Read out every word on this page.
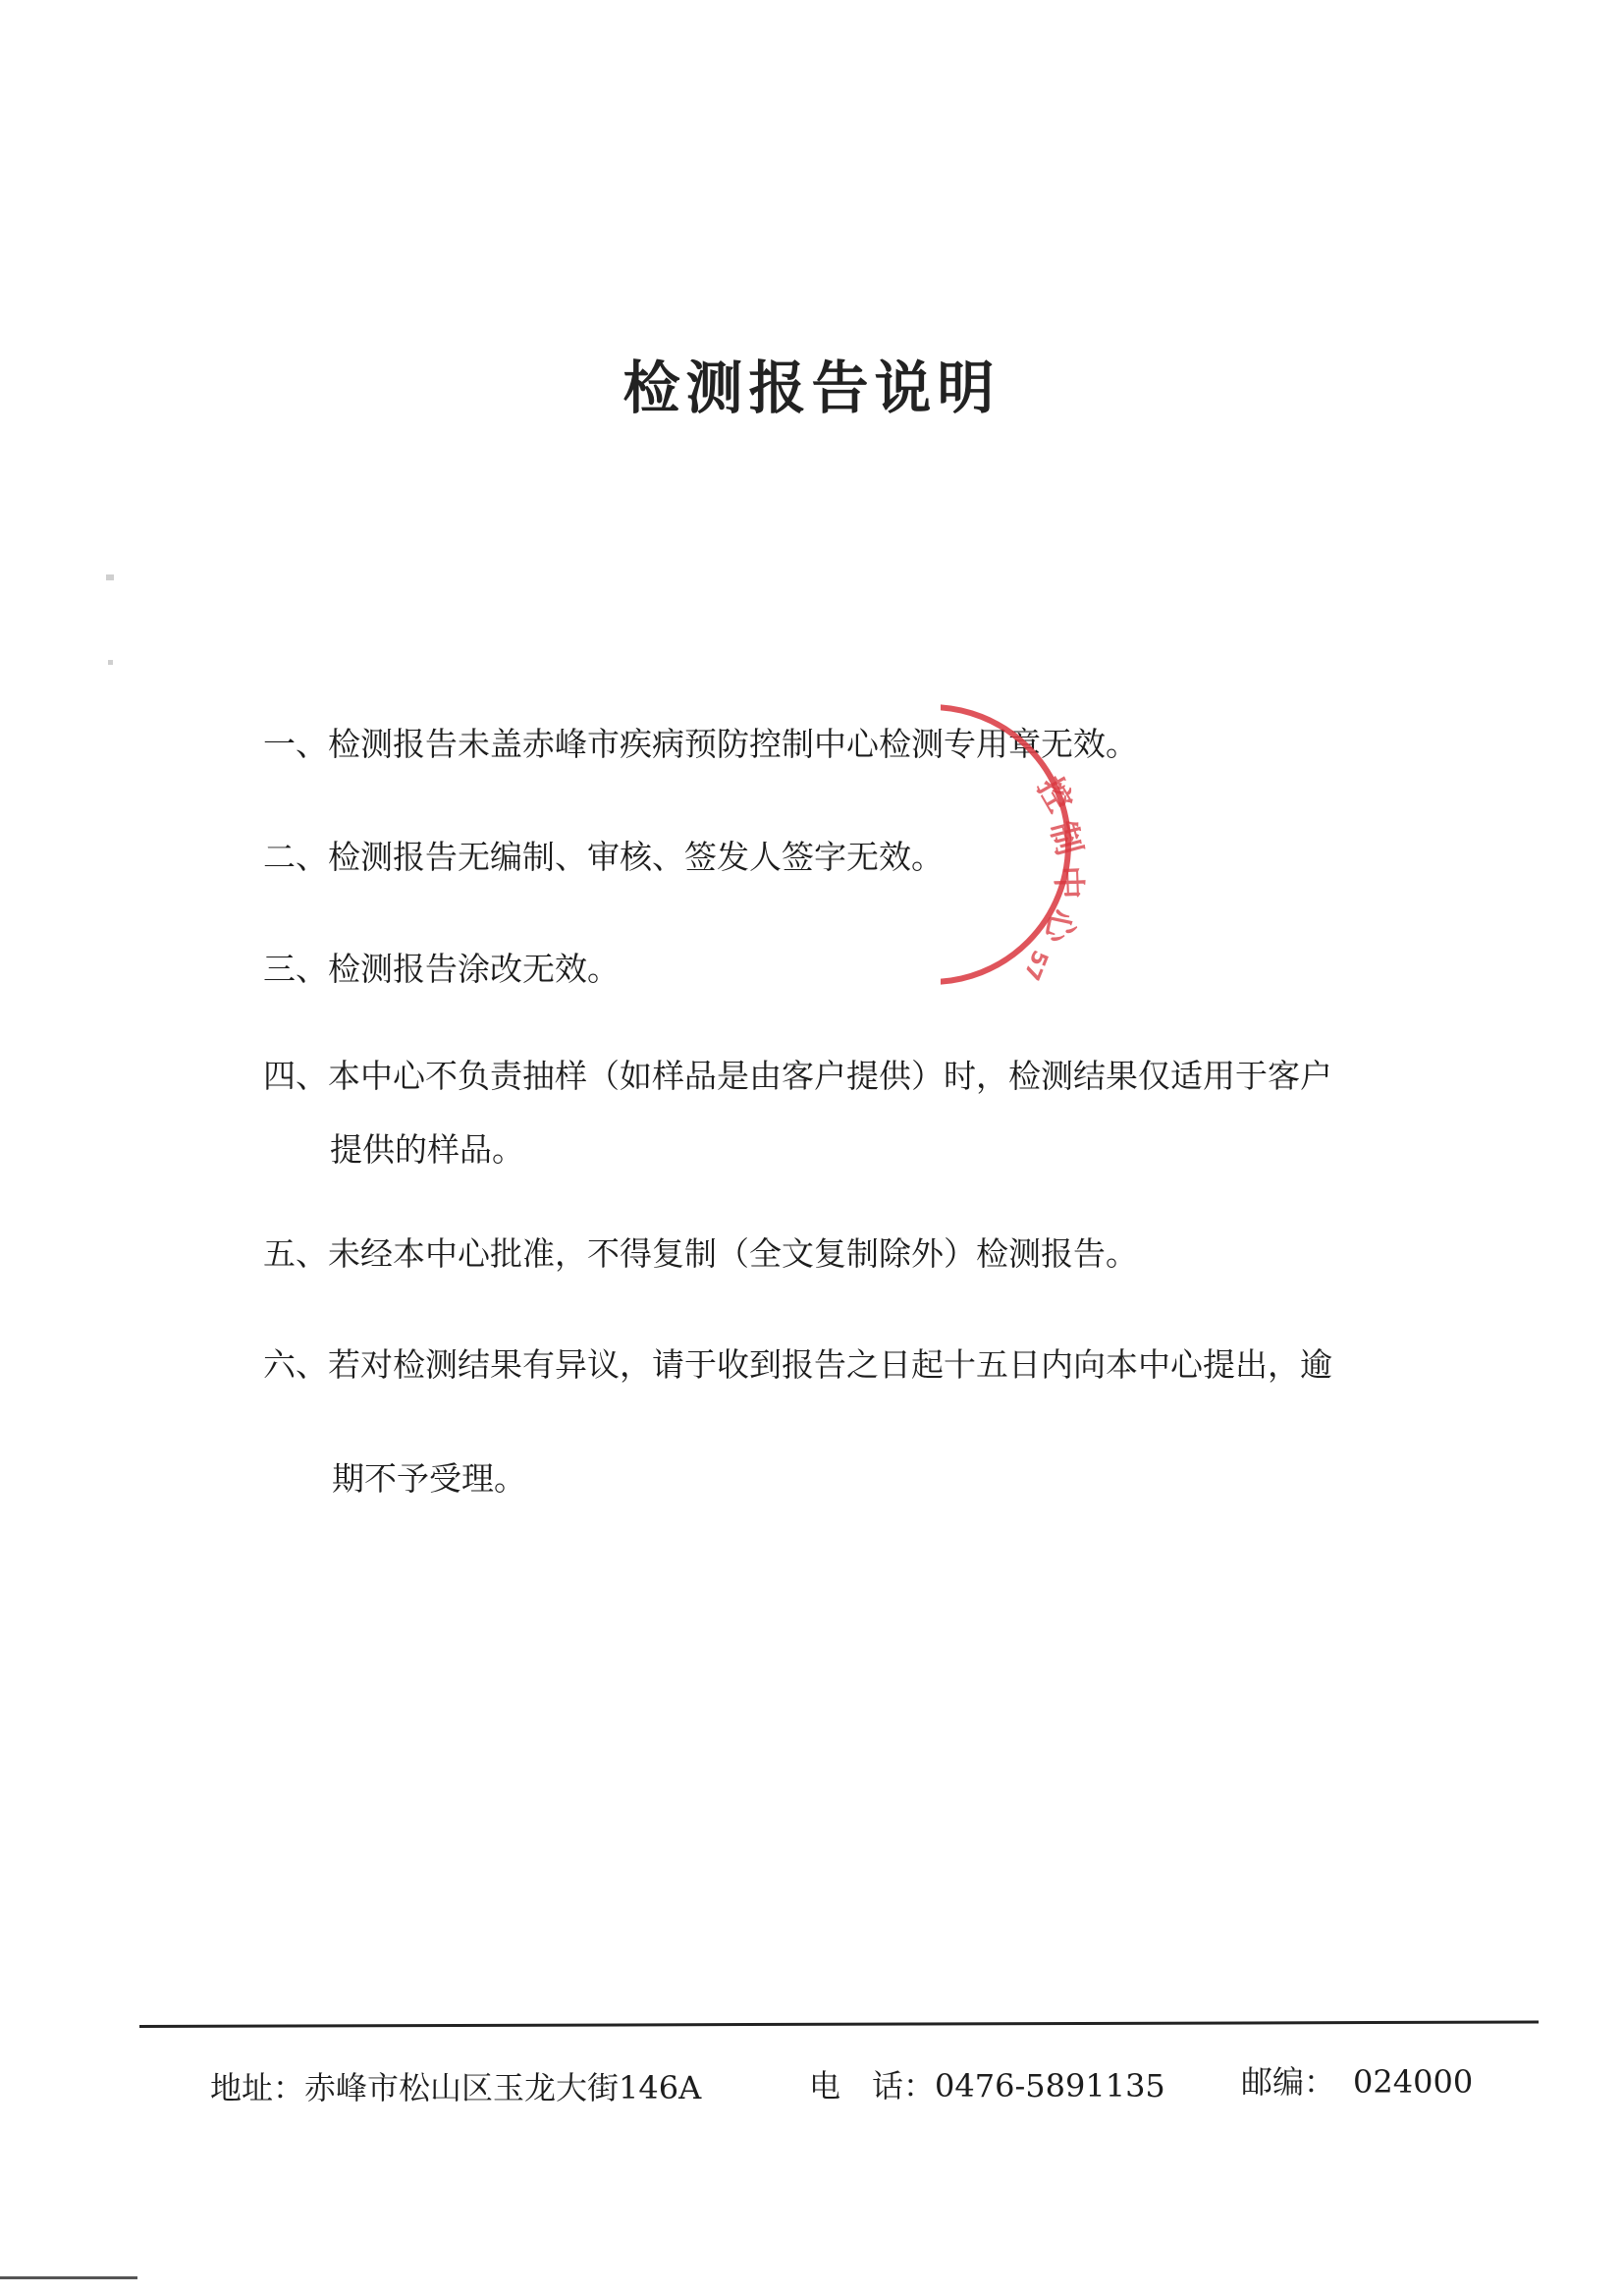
检测报告说明
一、检测报告未盖赤峰市疾病预防控制中心检测专用章无效。
二、检测报告无编制、审核、签发人签字无效。
三、检测报告涂改无效。
四、本中心不负责抽样（如样品是由客户提供）时，检测结果仅适用于客户
提供的样品。
五、未经本中心批准，不得复制（全文复制除外）检测报告。
六、若对检测结果有异议，请于收到报告之日起十五日内向本中心提出，逾
期不予受理。
控
制
中
心
57
地址：赤峰市松山区玉龙大街146A	电　话：0476-5891135 邮编： 024000
